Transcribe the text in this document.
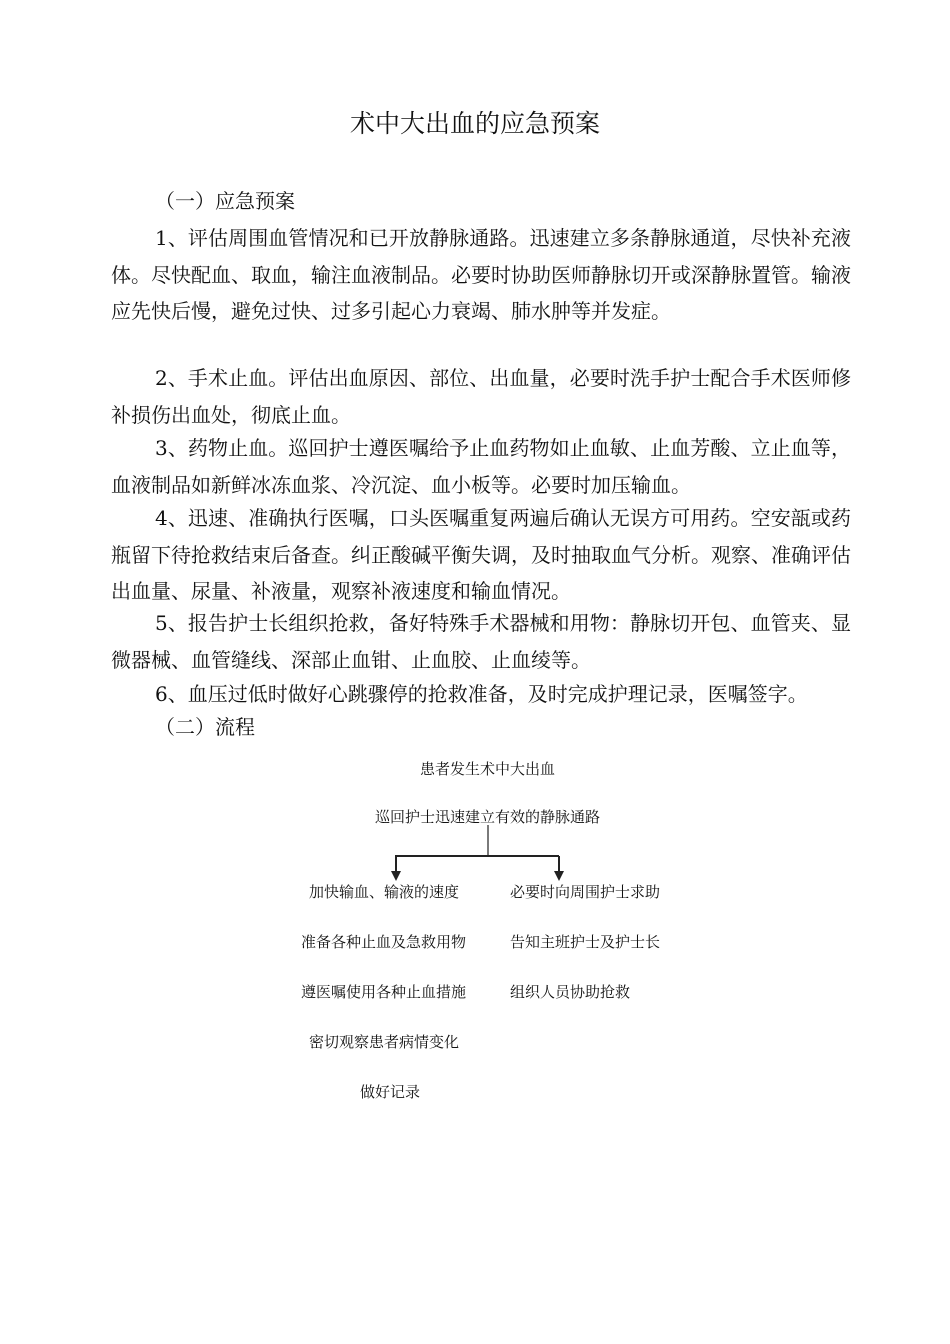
术中大出血的应急预案
（一）应急预案
1、评估周围血管情况和已开放静脉通路。迅速建立多条静脉通道，尽快补充液体。尽快配血、取血，输注血液制品。必要时协助医师静脉切开或深静脉置管。输液应先快后慢，避免过快、过多引起心力衰竭、肺水肿等并发症。
2、手术止血。评估出血原因、部位、出血量，必要时洗手护士配合手术医师修补损伤出血处，彻底止血。
3、药物止血。巡回护士遵医嘱给予止血药物如止血敏、止血芳酸、立止血等，血液制品如新鲜冰冻血浆、冷沉淀、血小板等。必要时加压输血。
4、迅速、准确执行医嘱，口头医嘱重复两遍后确认无误方可用药。空安瓿或药瓶留下待抢救结束后备查。纠正酸碱平衡失调，及时抽取血气分析。观察、准确评估出血量、尿量、补液量，观察补液速度和输血情况。
5、报告护士长组织抢救，备好特殊手术器械和用物：静脉切开包、血管夹、显微器械、血管缝线、深部止血钳、止血胶、止血绫等。
6、血压过低时做好心跳骤停的抢救准备，及时完成护理记录，医嘱签字。
（二）流程
患者发生术中大出血
巡回护士迅速建立有效的静脉通路
加快输血、输液的速度	必要时向周围护士求助
准备各种止血及急救用物	告知主班护士及护士长
遵医嘱使用各种止血措施	组织人员协助抢救
密切观察患者病情变化
做好记录
